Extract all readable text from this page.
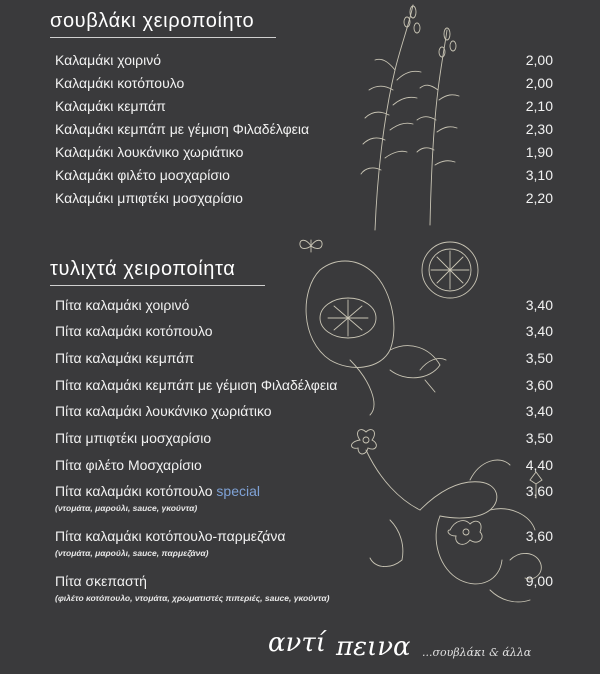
σουβλάκι χειροποίητο
Καλαμάκι χοιρινό	2,00
Καλαμάκι κοτόπουλο	2,00
Καλαμάκι κεμπάπ	2,10
Καλαμάκι κεμπάπ με γέμιση Φιλαδέλφεια	2,30
Καλαμάκι λουκάνικο χωριάτικο	1,90
Καλαμάκι φιλέτο μοσχαρίσιο	3,10
Καλαμάκι μπιφτέκι μοσχαρίσιο	2,20
τυλιχτά χειροποίητα
Πίτα καλαμάκι χοιρινό	3,40
Πίτα καλαμάκι κοτόπουλο	3,40
Πίτα καλαμάκι κεμπάπ	3,50
Πίτα καλαμάκι κεμπάπ με γέμιση Φιλαδέλφεια	3,60
Πίτα καλαμάκι λουκάνικο χωριάτικο	3,40
Πίτα μπιφτέκι μοσχαρίσιο	3,50
Πίτα φιλέτο Μοσχαρίσιο	4,40
Πίτα καλαμάκι κοτόπουλο special	3,60
(ντομάτα, μαρούλι, sauce, γκούντα)
Πίτα καλαμάκι κοτόπουλο-παρμεζάνα	3,60
(ντομάτα, μαρούλι, sauce, παρμεζάνα)
Πίτα σκεπαστή	9,00
(φιλέτο κοτόπουλο, ντομάτα, χρωματιστές πιπεριές, sauce, γκούντα)
αντί πεινα ...σουβλάκι & άλλα
